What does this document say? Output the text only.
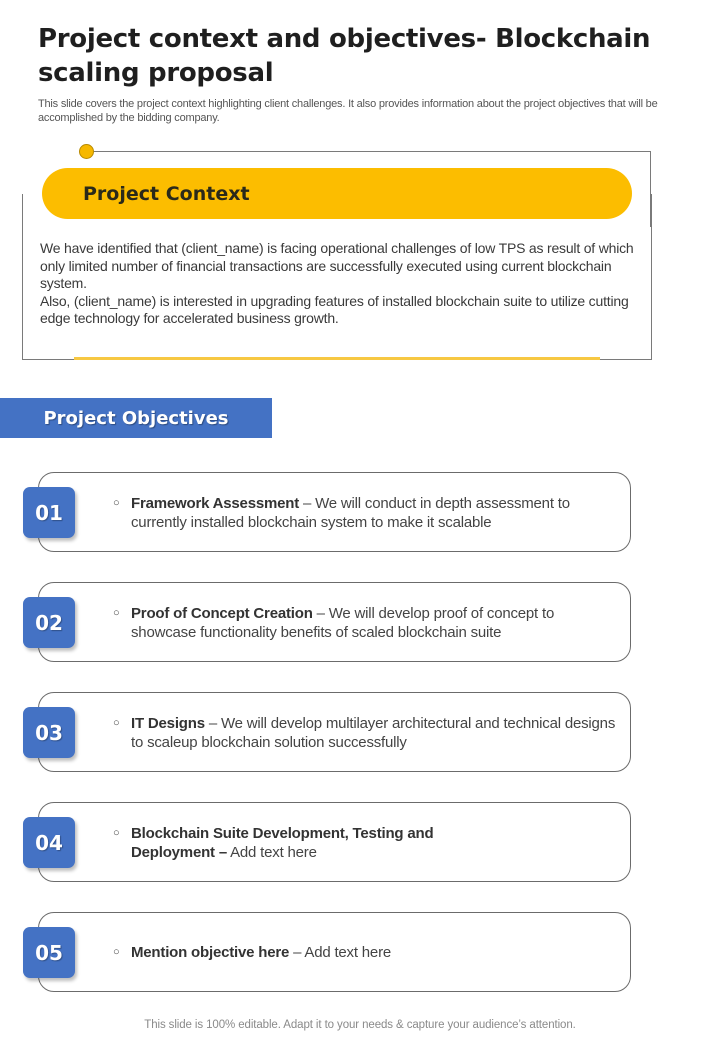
Project context and objectives- Blockchain scaling proposal
This slide covers the project context highlighting client challenges. It also provides information about the project objectives that will be accomplished by the bidding company.
Project Context

We have identified that (client_name) is facing operational challenges of low TPS as result of which only limited number of financial transactions are successfully executed using current blockchain system.

Also, (client_name) is interested in upgrading features of installed blockchain suite to utilize cutting edge technology for accelerated business growth.

Project Objectives
01	○ Framework Assessment – We will conduct in depth assessment to currently installed blockchain system to make it scalable
02	○ Proof of Concept Creation – We will develop proof of concept to showcase functionality benefits of scaled blockchain suite
03	○ IT Designs – We will develop multilayer architectural and technical designs to scaleup blockchain solution successfully
04	○ Blockchain Suite Development, Testing and Deployment – Add text here
05	○ Mention objective here – Add text here
This slide is 100% editable. Adapt it to your needs & capture your audience’s attention.
